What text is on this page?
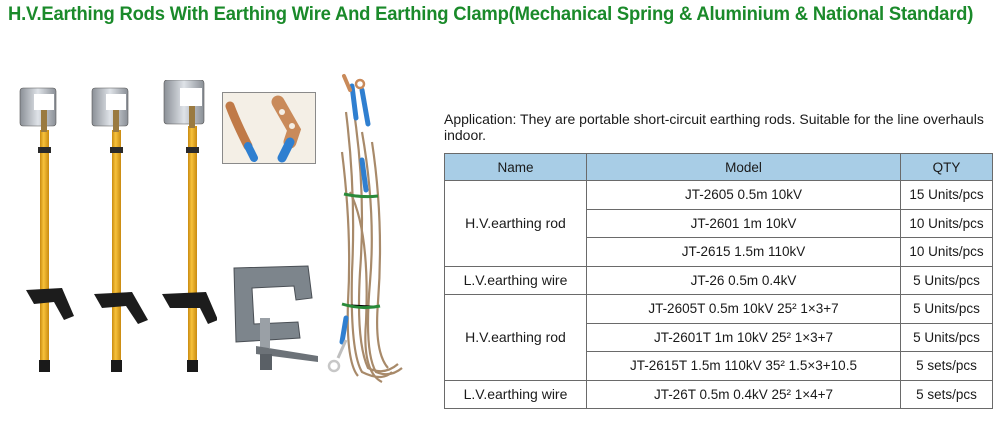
H.V.Earthing Rods With Earthing Wire And Earthing Clamp(Mechanical Spring & Aluminium & National Standard)
Application: They are portable short-circuit earthing rods. Suitable for the line overhauls indoor.
Name	Model	QTY
H.V.earthing rod	JT-2605 0.5m 10kV	15 Units/pcs
	JT-2601 1m 10kV	10 Units/pcs
	JT-2615 1.5m 110kV	10 Units/pcs
L.V.earthing wire	JT-26 0.5m 0.4kV	5 Units/pcs
H.V.earthing rod	JT-2605T 0.5m 10kV 25² 1×3+7	5 Units/pcs
	JT-2601T 1m 10kV 25² 1×3+7	5 Units/pcs
	JT-2615T 1.5m 110kV 35² 1.5×3+10.5	5 sets/pcs
L.V.earthing wire	JT-26T 0.5m 0.4kV 25² 1×4+7	5 sets/pcs
